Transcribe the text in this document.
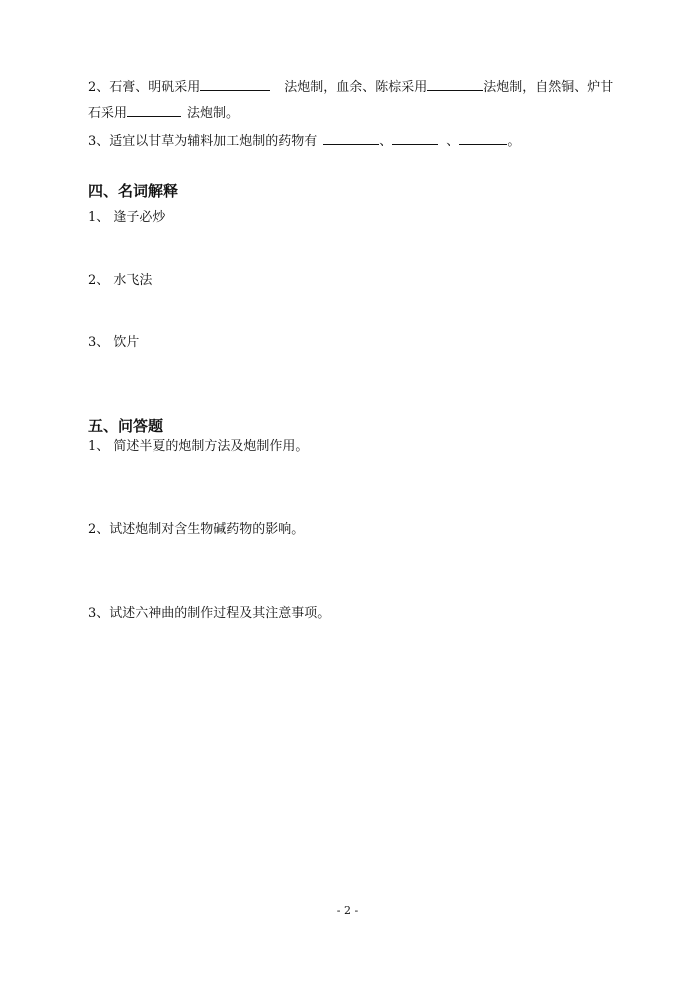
2、石膏、明矾采用	法炮制，血余、陈棕采用	法炮制，自然铜、炉甘
石采用	法炮制。
3、适宜以甘草为辅料加工炮制的药物有	、	、	。
四、名词解释
1、 逢子必炒
2、 水飞法
3、 饮片
五、问答题
1、 简述半夏的炮制方法及炮制作用。
2、试述炮制对含生物碱药物的影响。
3、试述六神曲的制作过程及其注意事项。
- 2 -
